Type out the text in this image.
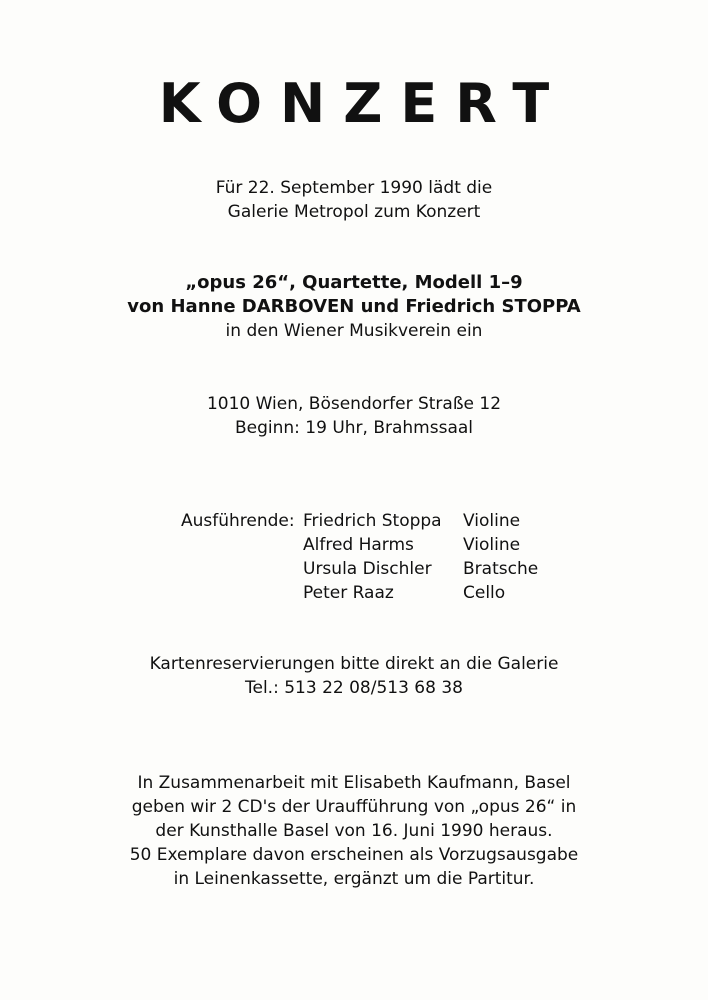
KONZERT
Für 22. September 1990 lädt die
Galerie Metropol zum Konzert
„opus 26“, Quartette, Modell 1–9
von Hanne DARBOVEN und Friedrich STOPPA
in den Wiener Musikverein ein
1010 Wien, Bösendorfer Straße 12
Beginn: 19 Uhr, Brahmssaal
Ausführende: Friedrich Stoppa	Violine
Alfred Harms	Violine
Ursula Dischler	Bratsche
Peter Raaz	Cello
Kartenreservierungen bitte direkt an die Galerie
Tel.: 513 22 08/513 68 38
In Zusammenarbeit mit Elisabeth Kaufmann, Basel
geben wir 2 CD's der Uraufführung von „opus 26“ in
der Kunsthalle Basel von 16. Juni 1990 heraus.
50 Exemplare davon erscheinen als Vorzugsausgabe
in Leinenkassette, ergänzt um die Partitur.
